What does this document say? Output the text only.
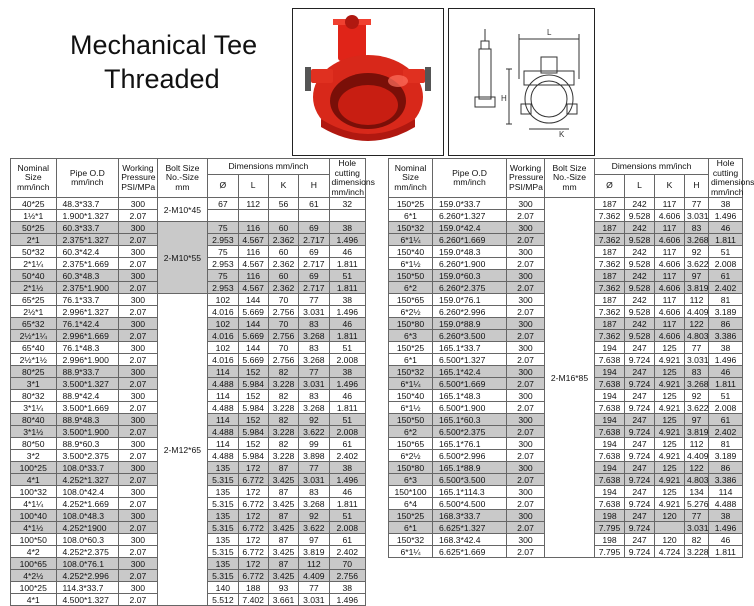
Mechanical Tee
Threaded
L
H
K
Nominal Size mm/inch	Pipe O.D mm/inch	Working Pressure PSI/MPa	Bolt Size No.-Size mm	Dimensions mm/inch				Hole cutting dimensions mm/inch
				Ø	L	K	H	
40*25	48.3*33.7	300	2-M10*45	67	112	56	61	32
1½*1	1.900*1.327	2.07						
50*25	60.3*33.7	300	2-M10*55	75	116	60	69	38
2*1	2.375*1.327	2.07		2.953	4.567	2.362	2.717	1.496
50*32	60.3*42.4	300		75	116	60	69	46
2*1¼	2.375*1.669	2.07		2.953	4.567	2.362	2.717	1.811
50*40	60.3*48.3	300		75	116	60	69	51
2*1½	2.375*1.900	2.07		2.953	4.567	2.362	2.717	1.811
65*25	76.1*33.7	300	2-M12*65	102	144	70	77	38
2½*1	2.996*1.327	2.07		4.016	5.669	2.756	3.031	1.496
65*32	76.1*42.4	300		102	144	70	83	46
2½*1¼	2.996*1.669	2.07		4.016	5.669	2.756	3.268	1.811
65*40	76.1*48.3	300		102	144	70	83	51
2½*1½	2.996*1.900	2.07		4.016	5.669	2.756	3.268	2.008
80*25	88.9*33.7	300		114	152	82	77	38
3*1	3.500*1.327	2.07		4.488	5.984	3.228	3.031	1.496
80*32	88.9*42.4	300		114	152	82	83	46
3*1¼	3.500*1.669	2.07		4.488	5.984	3.228	3.268	1.811
80*40	88.9*48.3	300		114	152	82	92	51
3*1½	3.500*1.900	2.07		4.488	5.984	3.228	3.622	2.008
80*50	88.9*60.3	300		114	152	82	99	61
3*2	3.500*2.375	2.07		4.488	5.984	3.228	3.898	2.402
100*25	108.0*33.7	300		135	172	87	77	38
4*1	4.252*1.327	2.07		5.315	6.772	3.425	3.031	1.496
100*32	108.0*42.4	300		135	172	87	83	46
4*1¼	4.252*1.669	2.07		5.315	6.772	3.425	3.268	1.811
100*40	108.0*48.3	300		135	172	87	92	51
4*1½	4.252*1900	2.07		5.315	6.772	3.425	3.622	2.008
100*50	108.0*60.3	300		135	172	87	97	61
4*2	4.252*2.375	2.07		5.315	6.772	3.425	3.819	2.402
100*65	108.0*76.1	300		135	172	87	112	70
4*2½	4.252*2.996	2.07		5.315	6.772	3.425	4.409	2.756
100*25	114.3*33.7	300		140	188	93	77	38
4*1	4.500*1.327	2.07		5.512	7.402	3.661	3.031	1.496
Nominal Size mm/inch	Pipe O.D mm/inch	Working Pressure PSI/MPa	Bolt Size No.-Size mm	Dimensions mm/inch				Hole cutting dimensions mm/inch
				Ø	L	K	H	
150*25	159.0*33.7	300	2-M16*85	187	242	117	77	38
6*1	6.260*1.327	2.07		7.362	9.528	4.606	3.031	1.496
150*32	159.0*42.4	300		187	242	117	83	46
6*1¼	6.260*1.669	2.07		7.362	9.528	4.606	3.268	1.811
150*40	159.0*48.3	300		187	242	117	92	51
6*1½	6.260*1.900	2.07		7.362	9.528	4.606	3.622	2.008
150*50	159.0*60.3	300		187	242	117	97	61
6*2	6.260*2.375	2.07		7.362	9.528	4.606	3.819	2.402
150*65	159.0*76.1	300		187	242	117	112	81
6*2½	6.260*2.996	2.07		7.362	9.528	4.606	4.409	3.189
150*80	159.0*88.9	300		187	242	117	122	86
6*3	6.260*3.500	2.07		7.362	9.528	4.606	4.803	3.386
150*25	165.1*33.7	300		194	247	125	77	38
6*1	6.500*1.327	2.07		7.638	9.724	4.921	3.031	1.496
150*32	165.1*42.4	300		194	247	125	83	46
6*1¼	6.500*1.669	2.07		7.638	9.724	4.921	3.268	1.811
150*40	165.1*48.3	300		194	247	125	92	51
6*1½	6.500*1.900	2.07		7.638	9.724	4.921	3.622	2.008
150*50	165.1*60.3	300		194	247	125	97	61
6*2	6.500*2.375	2.07		7.638	9.724	4.921	3.819	2.402
150*65	165.1*76.1	300		194	247	125	112	81
6*2½	6.500*2.996	2.07		7.638	9.724	4.921	4.409	3.189
150*80	165.1*88.9	300		194	247	125	122	86
6*3	6.500*3.500	2.07		7.638	9.724	4.921	4.803	3.386
150*100	165.1*114.3	300		194	247	125	134	114
6*4	6.500*4.500	2.07		7.638	9.724	4.921	5.276	4.488
150*25	168.3*33.7	300		198	247	120	77	38
6*1	6.625*1.327	2.07		7.795	9.724		3.031	1.496
150*32	168.3*42.4	300		198	247	120	82	46
6*1¼	6.625*1.669	2.07		7.795	9.724	4.724	3.228	1.811
